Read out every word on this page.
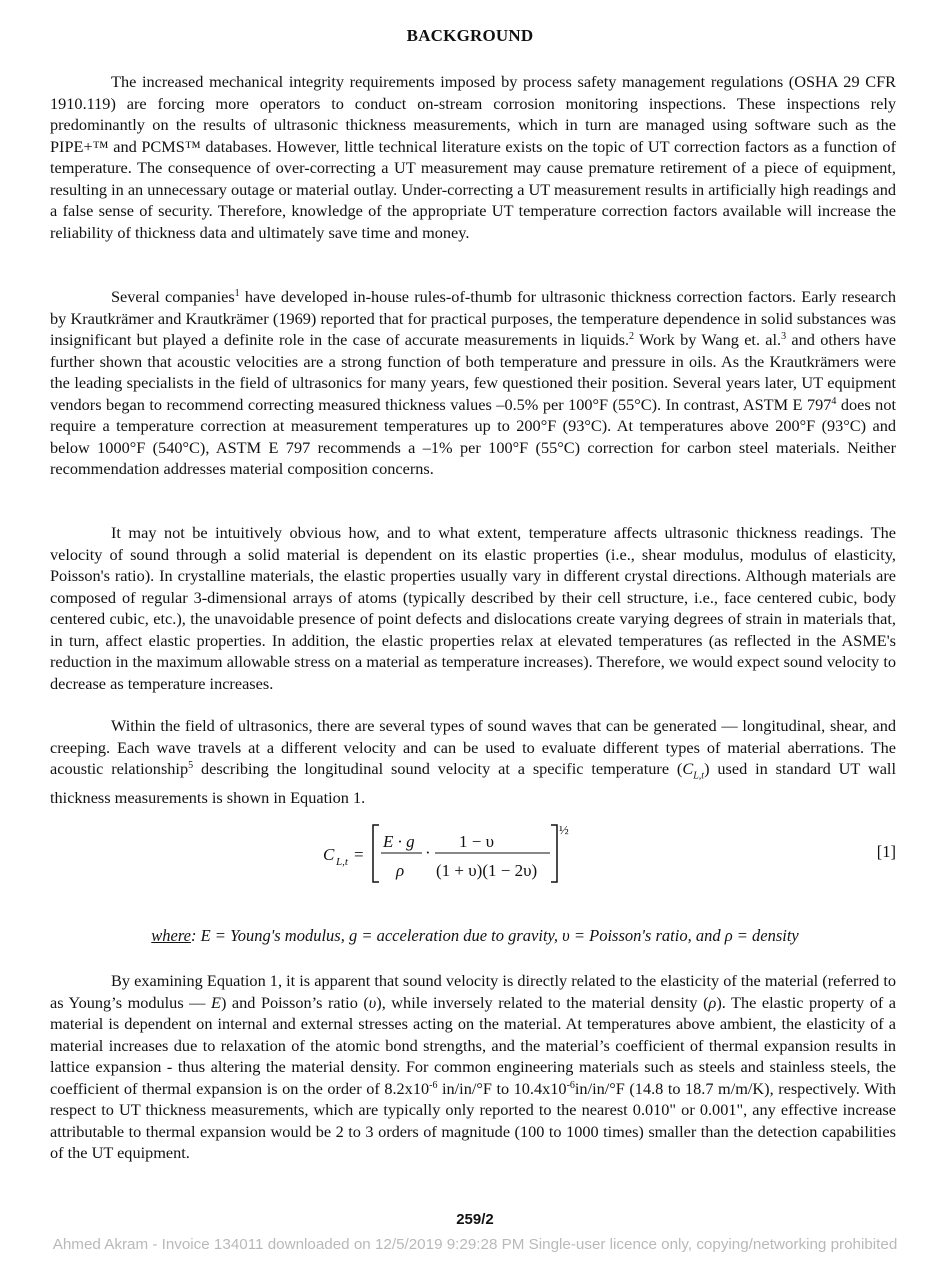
BACKGROUND

The increased mechanical integrity requirements imposed by process safety management regulations (OSHA 29 CFR 1910.119) are forcing more operators to conduct on-stream corrosion monitoring inspections. These inspections rely predominantly on the results of ultrasonic thickness measurements, which in turn are managed using software such as the PIPE+™ and PCMS™ databases. However, little technical literature exists on the topic of UT correction factors as a function of temperature. The consequence of over-correcting a UT measurement may cause premature retirement of a piece of equipment, resulting in an unnecessary outage or material outlay. Under-correcting a UT measurement results in artificially high readings and a false sense of security. Therefore, knowledge of the appropriate UT temperature correction factors available will increase the reliability of thickness data and ultimately save time and money.

Several companies$^1$ have developed in-house rules-of-thumb for ultrasonic thickness correction factors. Early research by Krautkrämer and Krautkrämer (1969) reported that for practical purposes, the temperature dependence in solid substances was insignificant but played a definite role in the case of accurate measurements in liquids.$^2$ Work by Wang et. al.$^3$ and others have further shown that acoustic velocities are a strong function of both temperature and pressure in oils. As the Krautkrämers were the leading specialists in the field of ultrasonics for many years, few questioned their position. Several years later, UT equipment vendors began to recommend correcting measured thickness values –0.5% per 100°F (55°C). In contrast, ASTM E $797^4$ does not require a temperature correction at measurement temperatures up to 200°F (93°C). At temperatures above 200°F (93°C) and below 1000°F (540°C), ASTM E 797 recommends a –1% per 100°F (55°C) correction for carbon steel materials. Neither recommendation addresses material composition concerns.

It may not be intuitively obvious how, and to what extent, temperature affects ultrasonic thickness readings. The velocity of sound through a solid material is dependent on its elastic properties (i.e., shear modulus, modulus of elasticity, Poisson's ratio). In crystalline materials, the elastic properties usually vary in different crystal directions. Although materials are composed of regular 3-dimensional arrays of atoms (typically described by their cell structure, i.e., face centered cubic, body centered cubic, etc.), the unavoidable presence of point defects and dislocations create varying degrees of strain in materials that, in turn, affect elastic properties. In addition, the elastic properties relax at elevated temperatures (as reflected in the ASME's reduction in the maximum allowable stress on a material as temperature increases). Therefore, we would expect sound velocity to decrease as temperature increases.

Within the field of ultrasonics, there are several types of sound waves that can be generated — longitudinal, shear, and creeping. Each wave travels at a different velocity and can be used to evaluate different types of material aberrations. The acoustic relationship$^5$ describing the longitudinal sound velocity at a specific temperature $(C_{L,t})$ used in standard UT wall thickness measurements is shown in Equation 1.

C L,t =
E · g
ρ
·
1 − υ
(1 + υ)(1 − 2υ)
½
[1]
where: E = Young's modulus, g = acceleration due to gravity, υ = Poisson's ratio, and ρ = density

By examining Equation 1, it is apparent that sound velocity is directly related to the elasticity of the material (referred to as Young’s modulus — E) and Poisson’s ratio (υ), while inversely related to the material density (ρ). The elastic property of a material is dependent on internal and external stresses acting on the material. At temperatures above ambient, the elasticity of a material increases due to relaxation of the atomic bond strengths, and the material’s coefficient of thermal expansion results in lattice expansion - thus altering the material density. For common engineering materials such as steels and stainless steels, the coefficient of thermal expansion is on the order of $8.2x10^{-6}$ in/in/°F to $10.4x10^{-6}in/in/^\circ F$ (14.8 to 18.7 m/m/K), respectively. With respect to UT thickness measurements, which are typically only reported to the nearest 0.010" or 0.001", any effective increase attributable to thermal expansion would be 2 to 3 orders of magnitude (100 to 1000 times) smaller than the detection capabilities of the UT equipment.

259/2
Ahmed Akram - Invoice 134011 downloaded on 12/5/2019 9:29:28 PM Single-user licence only, copying/networking prohibited
